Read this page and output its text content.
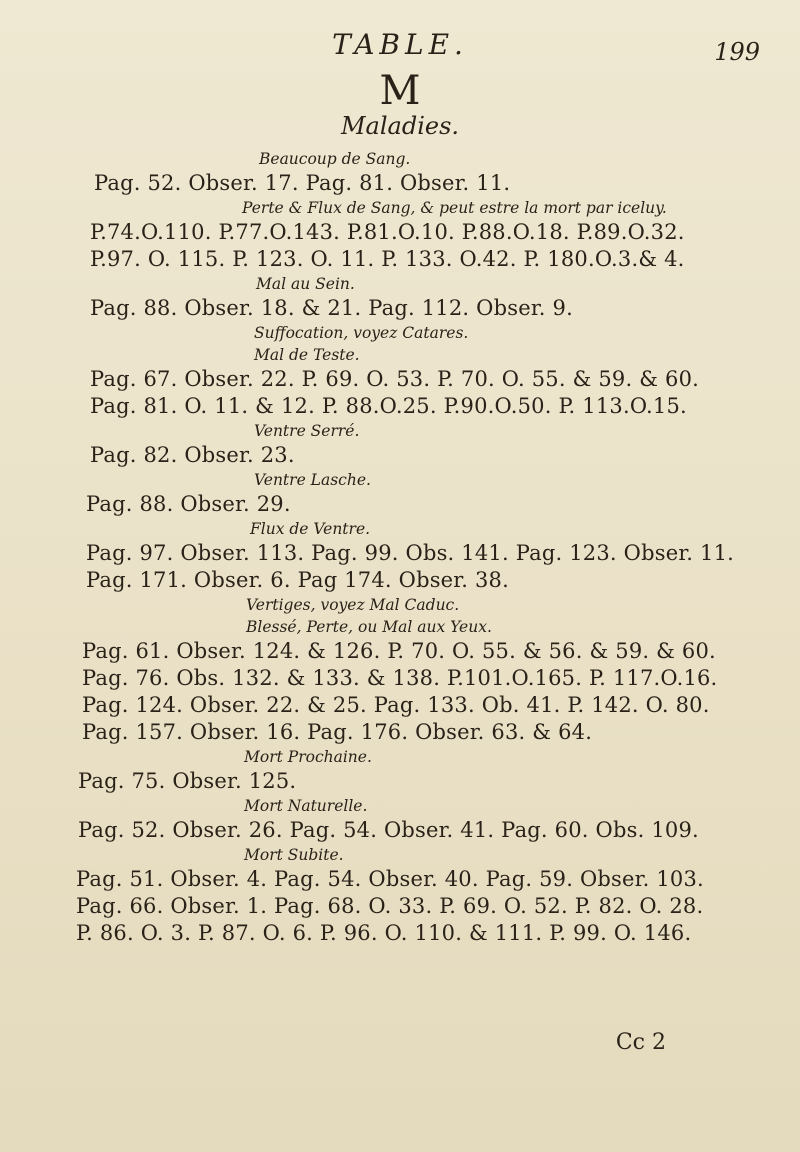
TABLE.	199
M
Maladies.
Beaucoup de Sang.
Pag. 52. Obser. 17. Pag. 81. Obser. 11.
Perte & Flux de Sang, & peut estre la mort par iceluy.
P.74.O.110. P.77.O.143. P.81.O.10. P.88.O.18. P.89.O.32.
P.97. O. 115. P. 123. O. 11. P. 133. O.42. P. 180.O.3.& 4.
Mal au Sein.
Pag. 88. Obser. 18. & 21. Pag. 112. Obser. 9.
Suffocation, voyez Catares.
Mal de Teste.
Pag. 67. Obser. 22. P. 69. O. 53. P. 70. O. 55. & 59. & 60.
Pag. 81. O. 11. & 12. P. 88.O.25. P.90.O.50. P. 113.O.15.
Ventre Serré.
Pag. 82. Obser. 23.
Ventre Lasche.
Pag. 88. Obser. 29.
Flux de Ventre.
Pag. 97. Obser. 113. Pag. 99. Obs. 141. Pag. 123. Obser. 11.
Pag. 171. Obser. 6. Pag 174. Obser. 38.
Vertiges, voyez Mal Caduc.
Blessé, Perte, ou Mal aux Yeux.
Pag. 61. Obser. 124. & 126. P. 70. O. 55. & 56. & 59. & 60.
Pag. 76. Obs. 132. & 133. & 138. P.101.O.165. P. 117.O.16.
Pag. 124. Obser. 22. & 25. Pag. 133. Ob. 41. P. 142. O. 80.
Pag. 157. Obser. 16. Pag. 176. Obser. 63. & 64.
Mort Prochaine.
Pag. 75. Obser. 125.
Mort Naturelle.
Pag. 52. Obser. 26. Pag. 54. Obser. 41. Pag. 60. Obs. 109.
Mort Subite.
Pag. 51. Obser. 4. Pag. 54. Obser. 40. Pag. 59. Obser. 103.
Pag. 66. Obser. 1. Pag. 68. O. 33. P. 69. O. 52. P. 82. O. 28.
P. 86. O. 3. P. 87. O. 6. P. 96. O. 110. & 111. P. 99. O. 146.
Cc 2
